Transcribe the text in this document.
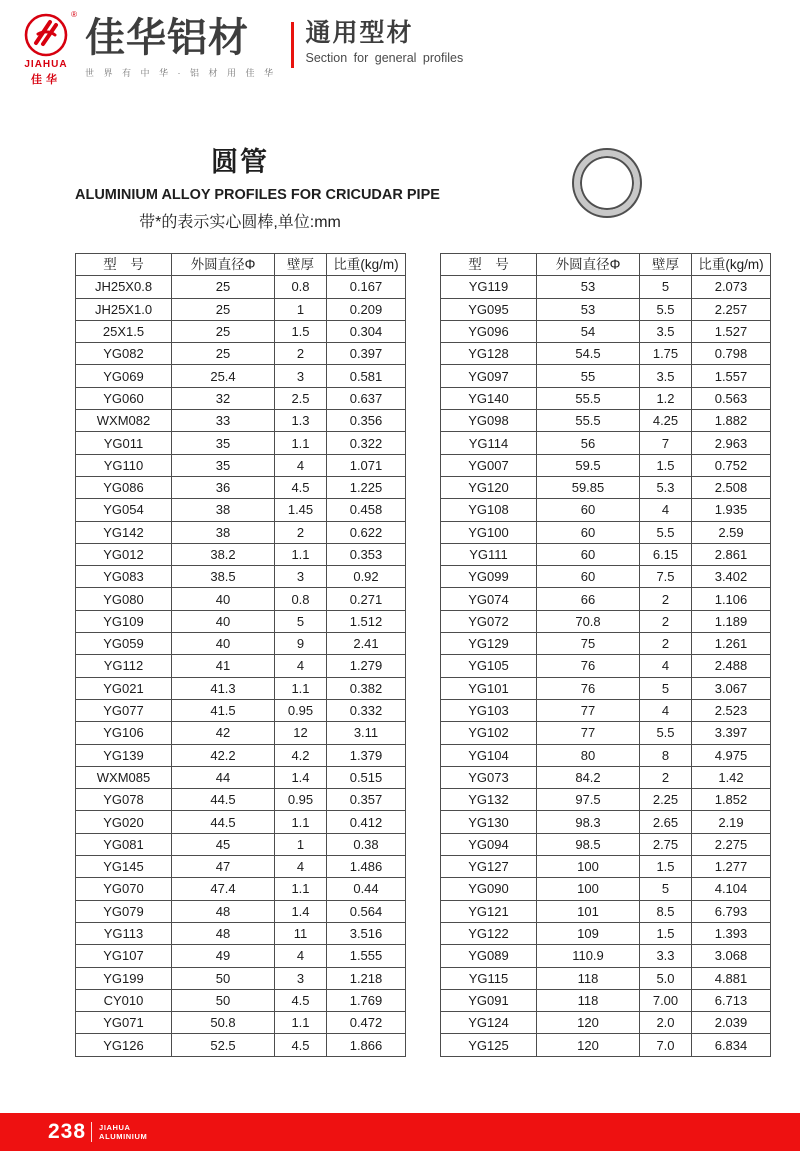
®
JIAHUA
佳华
佳华铝材
世 界 有 中 华 · 铝 材 用 佳 华
通用型材
Section for general profiles
圆管
ALUMINIUM ALLOY PROFILES FOR CRICUDAR PIPE
带*的表示实心圆棒,单位:mm
型　号	外圆直径Φ	壁厚	比重(kg/m)
JH25X0.8	25	0.8	0.167
JH25X1.0	25	1	0.209
25X1.5	25	1.5	0.304
YG082	25	2	0.397
YG069	25.4	3	0.581
YG060	32	2.5	0.637
WXM082	33	1.3	0.356
YG011	35	1.1	0.322
YG110	35	4	1.071
YG086	36	4.5	1.225
YG054	38	1.45	0.458
YG142	38	2	0.622
YG012	38.2	1.1	0.353
YG083	38.5	3	0.92
YG080	40	0.8	0.271
YG109	40	5	1.512
YG059	40	9	2.41
YG112	41	4	1.279
YG021	41.3	1.1	0.382
YG077	41.5	0.95	0.332
YG106	42	12	3.11
YG139	42.2	4.2	1.379
WXM085	44	1.4	0.515
YG078	44.5	0.95	0.357
YG020	44.5	1.1	0.412
YG081	45	1	0.38
YG145	47	4	1.486
YG070	47.4	1.1	0.44
YG079	48	1.4	0.564
YG113	48	11	3.516
YG107	49	4	1.555
YG199	50	3	1.218
CY010	50	4.5	1.769
YG071	50.8	1.1	0.472
YG126	52.5	4.5	1.866
型　号	外圆直径Φ	壁厚	比重(kg/m)
YG119	53	5	2.073
YG095	53	5.5	2.257
YG096	54	3.5	1.527
YG128	54.5	1.75	0.798
YG097	55	3.5	1.557
YG140	55.5	1.2	0.563
YG098	55.5	4.25	1.882
YG114	56	7	2.963
YG007	59.5	1.5	0.752
YG120	59.85	5.3	2.508
YG108	60	4	1.935
YG100	60	5.5	2.59
YG111	60	6.15	2.861
YG099	60	7.5	3.402
YG074	66	2	1.106
YG072	70.8	2	1.189
YG129	75	2	1.261
YG105	76	4	2.488
YG101	76	5	3.067
YG103	77	4	2.523
YG102	77	5.5	3.397
YG104	80	8	4.975
YG073	84.2	2	1.42
YG132	97.5	2.25	1.852
YG130	98.3	2.65	2.19
YG094	98.5	2.75	2.275
YG127	100	1.5	1.277
YG090	100	5	4.104
YG121	101	8.5	6.793
YG122	109	1.5	1.393
YG089	110.9	3.3	3.068
YG115	118	5.0	4.881
YG091	118	7.00	6.713
YG124	120	2.0	2.039
YG125	120	7.0	6.834
238 JIAHUA
ALUMINIUM
